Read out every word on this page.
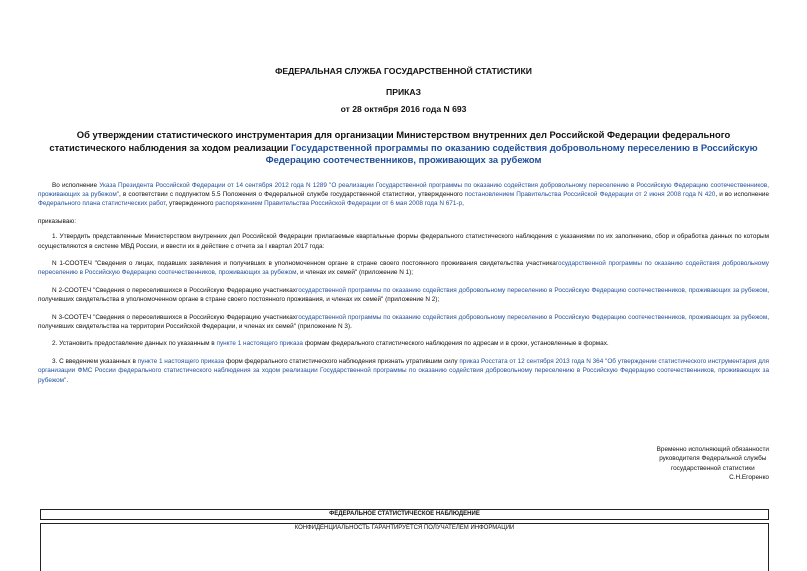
ФЕДЕРАЛЬНАЯ СЛУЖБА ГОСУДАРСТВЕННОЙ СТАТИСТИКИ
ПРИКАЗ
от 28 октября 2016 года N 693
Об утверждении статистического инструментария для организации Министерством внутренних дел Российской Федерации федерального статистического наблюдения за ходом реализации Государственной программы по оказанию содействия добровольному переселению в Российскую Федерацию соотечественников, проживающих за рубежом

Во исполнение Указа Президента Российской Федерации от 14 сентября 2012 года N 1289 "О реализации Государственной программы по оказанию содействия добровольному переселению в Российскую Федерацию соотечественников, проживающих за рубежом", в соответствии с подпунктом 5.5 Положения о Федеральной службе государственной статистики, утвержденного постановлением Правительства Российской Федерации от 2 июня 2008 года N 420, и во исполнение Федерального плана статистических работ, утвержденного распоряжением Правительства Российской Федерации от 6 мая 2008 года N 671-р,

приказываю:

1. Утвердить представленные Министерством внутренних дел Российской Федерации прилагаемые квартальные формы федерального статистического наблюдения с указаниями по их заполнению, сбор и обработка данных по которым осуществляются в системе МВД России, и ввести их в действие с отчета за I квартал 2017 года:

N 1-СООТЕЧ "Сведения о лицах, подавших заявления и получивших в уполномоченном органе в стране своего постоянного проживания свидетельства участникагосударственной программы по оказанию содействия добровольному переселению в Российскую Федерацию соотечественников, проживающих за рубежом, и членах их семей" (приложение N 1);

N 2-СООТЕЧ "Сведения о переселившихся в Российскую Федерацию участникахгосударственной программы по оказанию содействия добровольному переселению в Российскую Федерацию соотечественников, проживающих за рубежом, получивших свидетельства в уполномоченном органе в стране своего постоянного проживания, и членах их семей" (приложение N 2);

N 3-СООТЕЧ "Сведения о переселившихся в Российскую Федерацию участникахгосударственной программы по оказанию содействия добровольному переселению в Российскую Федерацию соотечественников, проживающих за рубежом, получивших свидетельства на территории Российской Федерации, и членах их семей" (приложение N 3).

2. Установить предоставление данных по указанным в пункте 1 настоящего приказа формам федерального статистического наблюдения по адресам и в сроки, установленные в формах.

3. С введением указанных в пункте 1 настоящего приказа форм федерального статистического наблюдения признать утратившим силу приказ Росстата от 12 сентября 2013 года N 364 "Об утверждении статистического инструментария для организации ФМС России федерального статистического наблюдения за ходом реализации Государственной программы по оказанию содействия добровольному переселению в Российскую Федерацию соотечественников, проживающих за рубежом".

Временно исполняющий обязанности
руководителя Федеральной службы
государственной статистики
С.Н.Егоренко
ФЕДЕРАЛЬНОЕ СТАТИСТИЧЕСКОЕ НАБЛЮДЕНИЕ
КОНФИДЕНЦИАЛЬНОСТЬ ГАРАНТИРУЕТСЯ ПОЛУЧАТЕЛЕМ ИНФОРМАЦИИ
